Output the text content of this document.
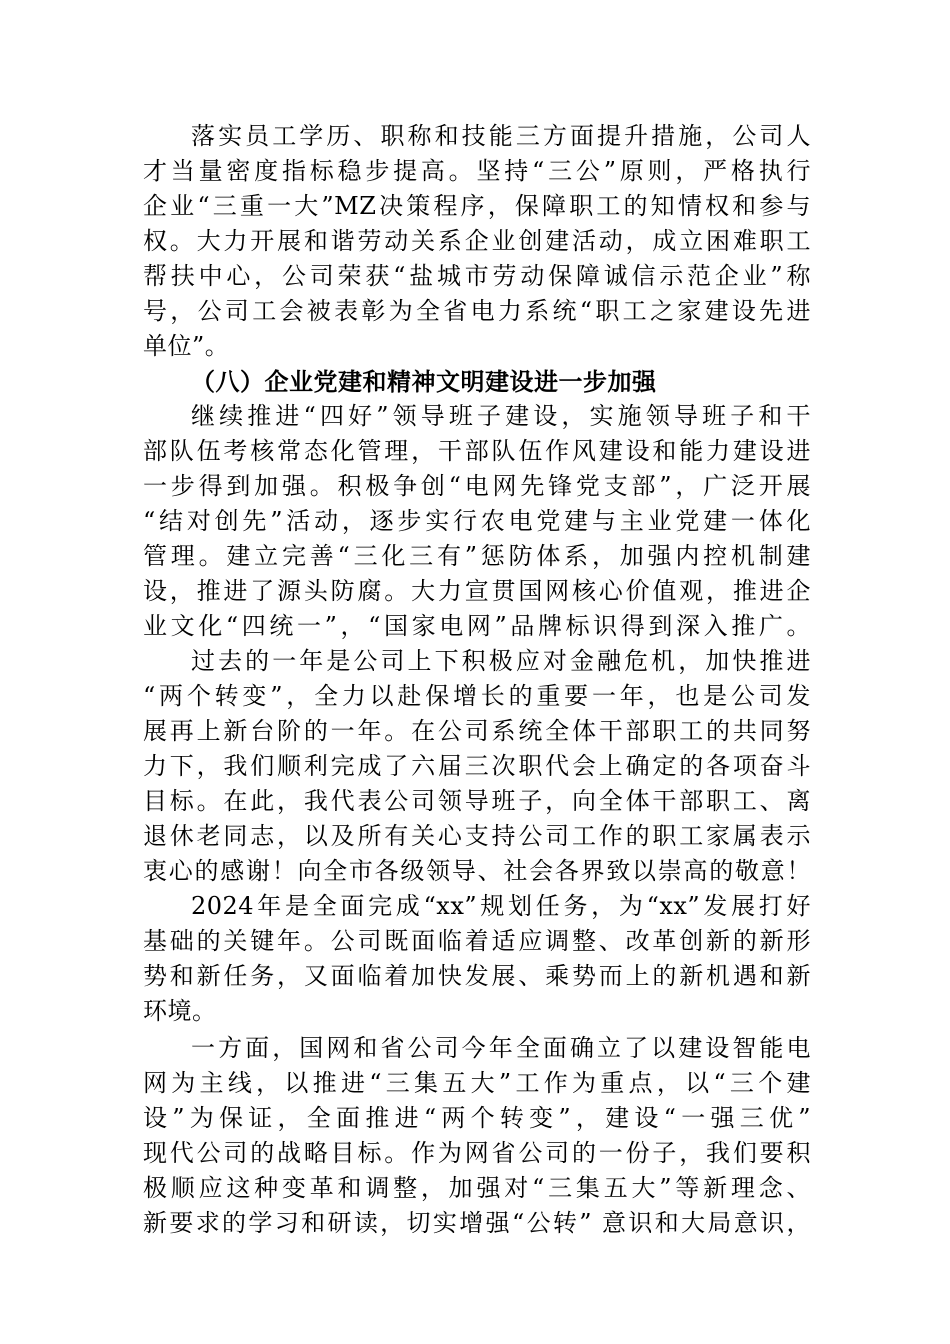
落实员工学历、职称和技能三方面提升措施，公司人

才当量密度指标稳步提高。坚持“三公”原则，严格执行

企业“三重一大”MZ决策程序，保障职工的知情权和参与

权。大力开展和谐劳动关系企业创建活动，成立困难职工

帮扶中心，公司荣获“盐城市劳动保障诚信示范企业”称

号，公司工会被表彰为全省电力系统“职工之家建设先进

单位”。

（八）企业党建和精神文明建设进一步加强

继续推进“四好”领导班子建设，实施领导班子和干

部队伍考核常态化管理，干部队伍作风建设和能力建设进

一步得到加强。积极争创“电网先锋党支部”，广泛开展

“结对创先”活动，逐步实行农电党建与主业党建一体化

管理。建立完善“三化三有”惩防体系，加强内控机制建

设，推进了源头防腐。大力宣贯国网核心价值观，推进企

业文化“四统一”，“国家电网”品牌标识得到深入推广。

过去的一年是公司上下积极应对金融危机，加快推进

“两个转变”，全力以赴保增长的重要一年，也是公司发

展再上新台阶的一年。在公司系统全体干部职工的共同努

力下，我们顺利完成了六届三次职代会上确定的各项奋斗

目标。在此，我代表公司领导班子，向全体干部职工、离

退休老同志，以及所有关心支持公司工作的职工家属表示

衷心的感谢！向全市各级领导、社会各界致以崇高的敬意！

2024年是全面完成“xx”规划任务，为“xx”发展打好

基础的关键年。公司既面临着适应调整、改革创新的新形

势和新任务，又面临着加快发展、乘势而上的新机遇和新

环境。

一方面，国网和省公司今年全面确立了以建设智能电

网为主线，以推进“三集五大”工作为重点，以“三个建

设”为保证，全面推进“两个转变”，建设“一强三优”

现代公司的战略目标。作为网省公司的一份子，我们要积

极顺应这种变革和调整，加强对“三集五大”等新理念、

新要求的学习和研读，切实增强“公转” 意识和大局意识，
